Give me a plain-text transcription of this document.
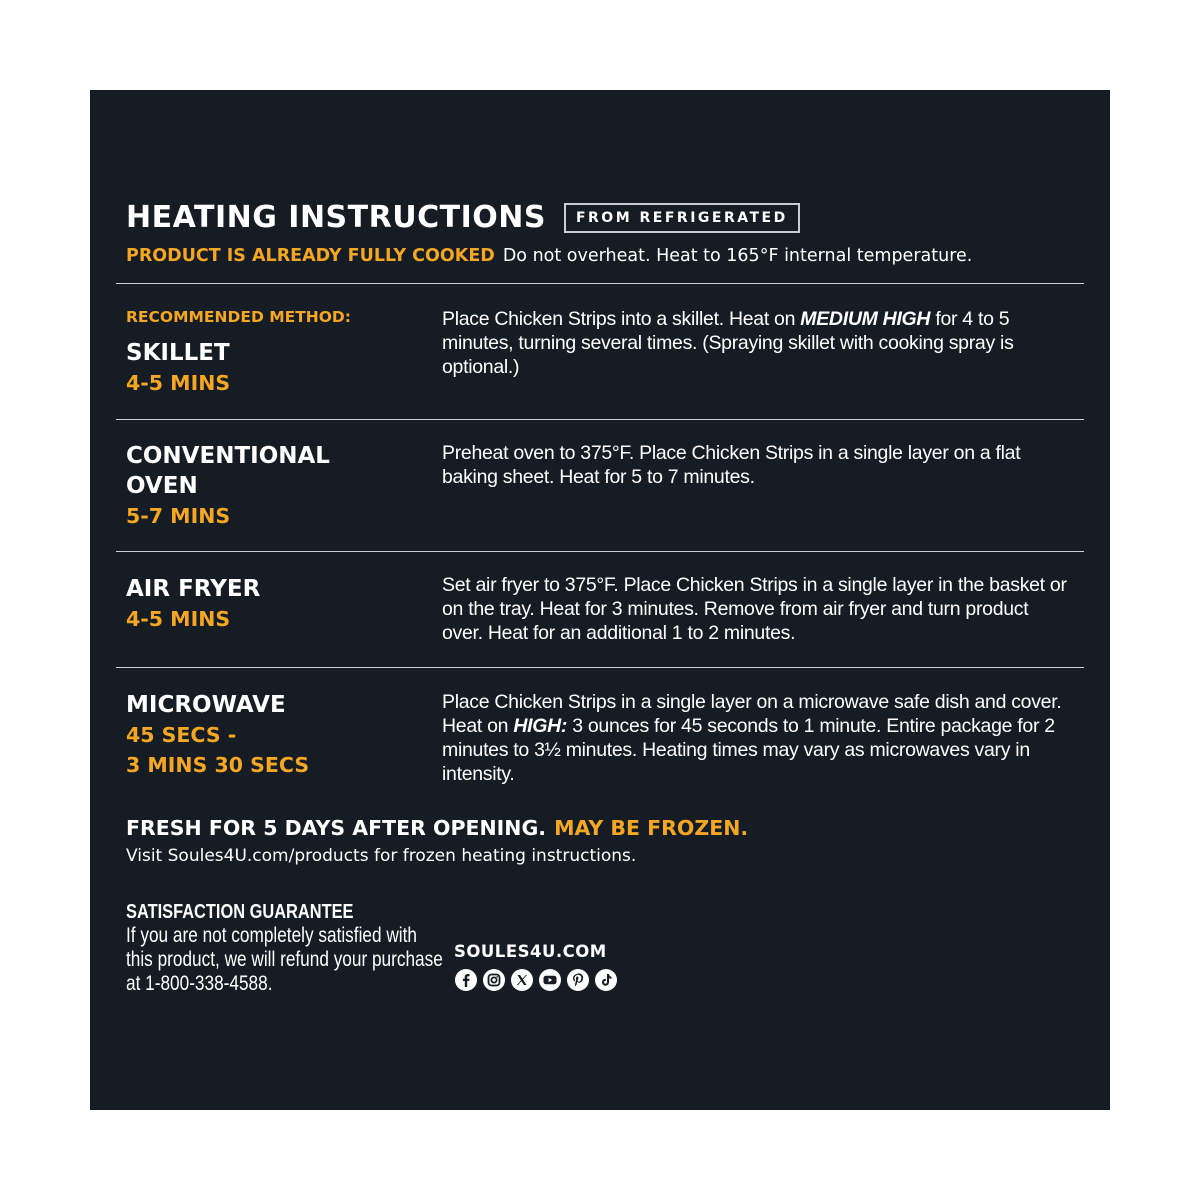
HEATING INSTRUCTIONS	FROM REFRIGERATED
PRODUCT IS ALREADY FULLY COOKED Do not overheat. Heat to 165°F internal temperature.
RECOMMENDED METHOD:
SKILLET
4-5 MINS
Place Chicken Strips into a skillet. Heat on MEDIUM HIGH for 4 to 5 minutes, turning several times. (Spraying skillet with cooking spray is optional.)
CONVENTIONAL
OVEN
5-7 MINS
Preheat oven to 375°F. Place Chicken Strips in a single layer on a flat baking sheet. Heat for 5 to 7 minutes.
AIR FRYER
4-5 MINS
Set air fryer to 375°F. Place Chicken Strips in a single layer in the basket or on the tray. Heat for 3 minutes. Remove from air fryer and turn product over. Heat for an additional 1 to 2 minutes.
MICROWAVE
45 SECS -
3 MINS 30 SECS
Place Chicken Strips in a single layer on a microwave safe dish and cover. Heat on HIGH: 3 ounces for 45 seconds to 1 minute. Entire package for 2 minutes to 3½ minutes. Heating times may vary as microwaves vary in intensity.
FRESH FOR 5 DAYS AFTER OPENING. MAY BE FROZEN.
Visit Soules4U.com/products for frozen heating instructions.
SATISFACTION GUARANTEE
If you are not completely satisfied with this product, we will refund your purchase at 1-800-338-4588.
SOULES4U.COM
